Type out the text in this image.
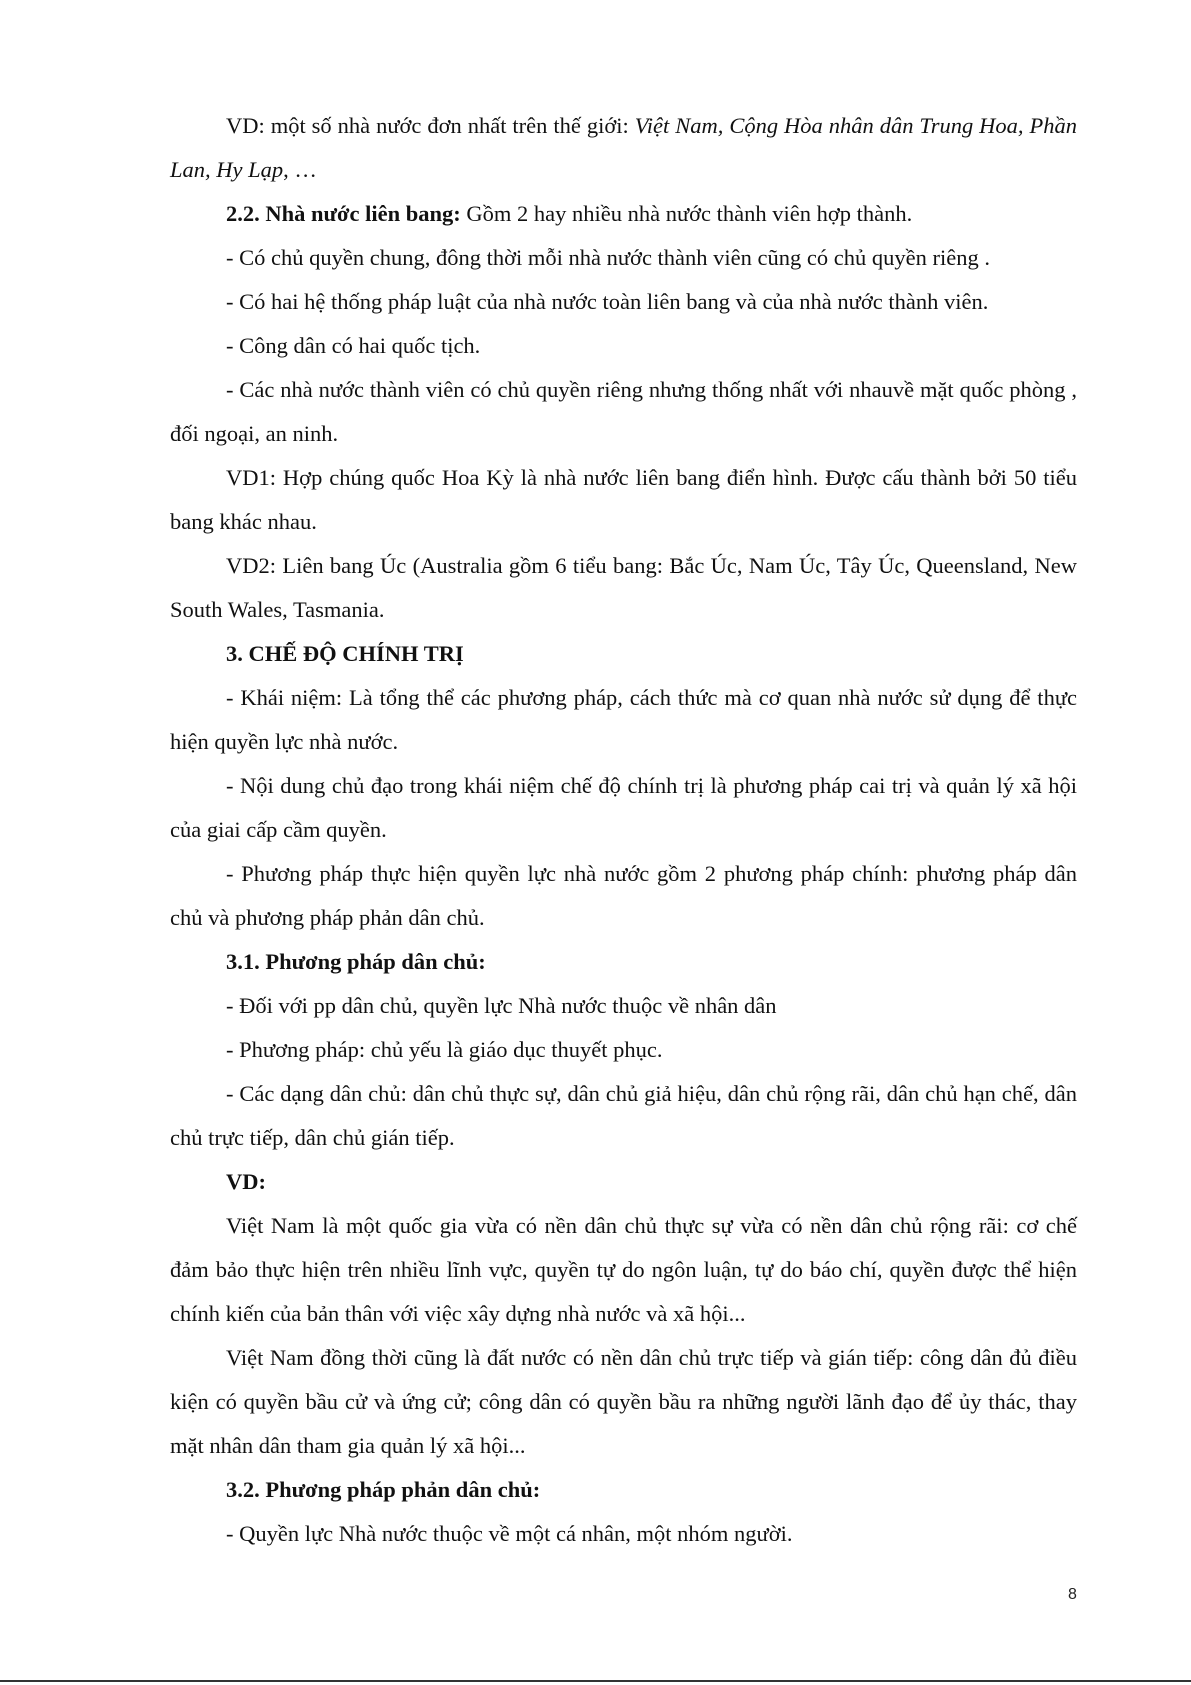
VD: một số nhà nước đơn nhất trên thế giới: Việt Nam, Cộng Hòa nhân dân Trung Hoa, Phần Lan, Hy Lạp, …

2.2. Nhà nước liên bang: Gồm 2 hay nhiều nhà nước thành viên hợp thành.

- Có chủ quyền chung, đông thời mỗi nhà nước thành viên cũng có chủ quyền riêng .

- Có hai hệ thống pháp luật của nhà nước toàn liên bang và của nhà nước thành viên.

- Công dân có hai quốc tịch.

- Các nhà nước thành viên có chủ quyền riêng nhưng thống nhất với nhauvề mặt quốc phòng , đối ngoại, an ninh.

VD1: Hợp chúng quốc Hoa Kỳ là nhà nước liên bang điển hình. Được cấu thành bởi 50 tiểu bang khác nhau.

VD2: Liên bang Úc (Australia gồm 6 tiểu bang: Bắc Úc, Nam Úc, Tây Úc, Queensland, New South Wales, Tasmania.

3. CHẾ ĐỘ CHÍNH TRỊ

- Khái niệm: Là tổng thể các phương pháp, cách thức mà cơ quan nhà nước sử dụng để thực hiện quyền lực nhà nước.

- Nội dung chủ đạo trong khái niệm chế độ chính trị là phương pháp cai trị và quản lý xã hội của giai cấp cầm quyền.

- Phương pháp thực hiện quyền lực nhà nước gồm 2 phương pháp chính: phương pháp dân chủ và phương pháp phản dân chủ.

3.1. Phương pháp dân chủ:

- Đối với pp dân chủ, quyền lực Nhà nước thuộc về nhân dân

- Phương pháp: chủ yếu là giáo dục thuyết phục.

- Các dạng dân chủ: dân chủ thực sự, dân chủ giả hiệu, dân chủ rộng rãi, dân chủ hạn chế, dân chủ trực tiếp, dân chủ gián tiếp.

VD:

Việt Nam là một quốc gia vừa có nền dân chủ thực sự vừa có nền dân chủ rộng rãi: cơ chế đảm bảo thực hiện trên nhiều lĩnh vực, quyền tự do ngôn luận, tự do báo chí, quyền được thể hiện chính kiến của bản thân với việc xây dựng nhà nước và xã hội...

Việt Nam đồng thời cũng là đất nước có nền dân chủ trực tiếp và gián tiếp: công dân đủ điều kiện có quyền bầu cử và ứng cử; công dân có quyền bầu ra những người lãnh đạo để ủy thác, thay mặt nhân dân tham gia quản lý xã hội...

3.2. Phương pháp phản dân chủ:

- Quyền lực Nhà nước thuộc về một cá nhân, một nhóm người.

8
